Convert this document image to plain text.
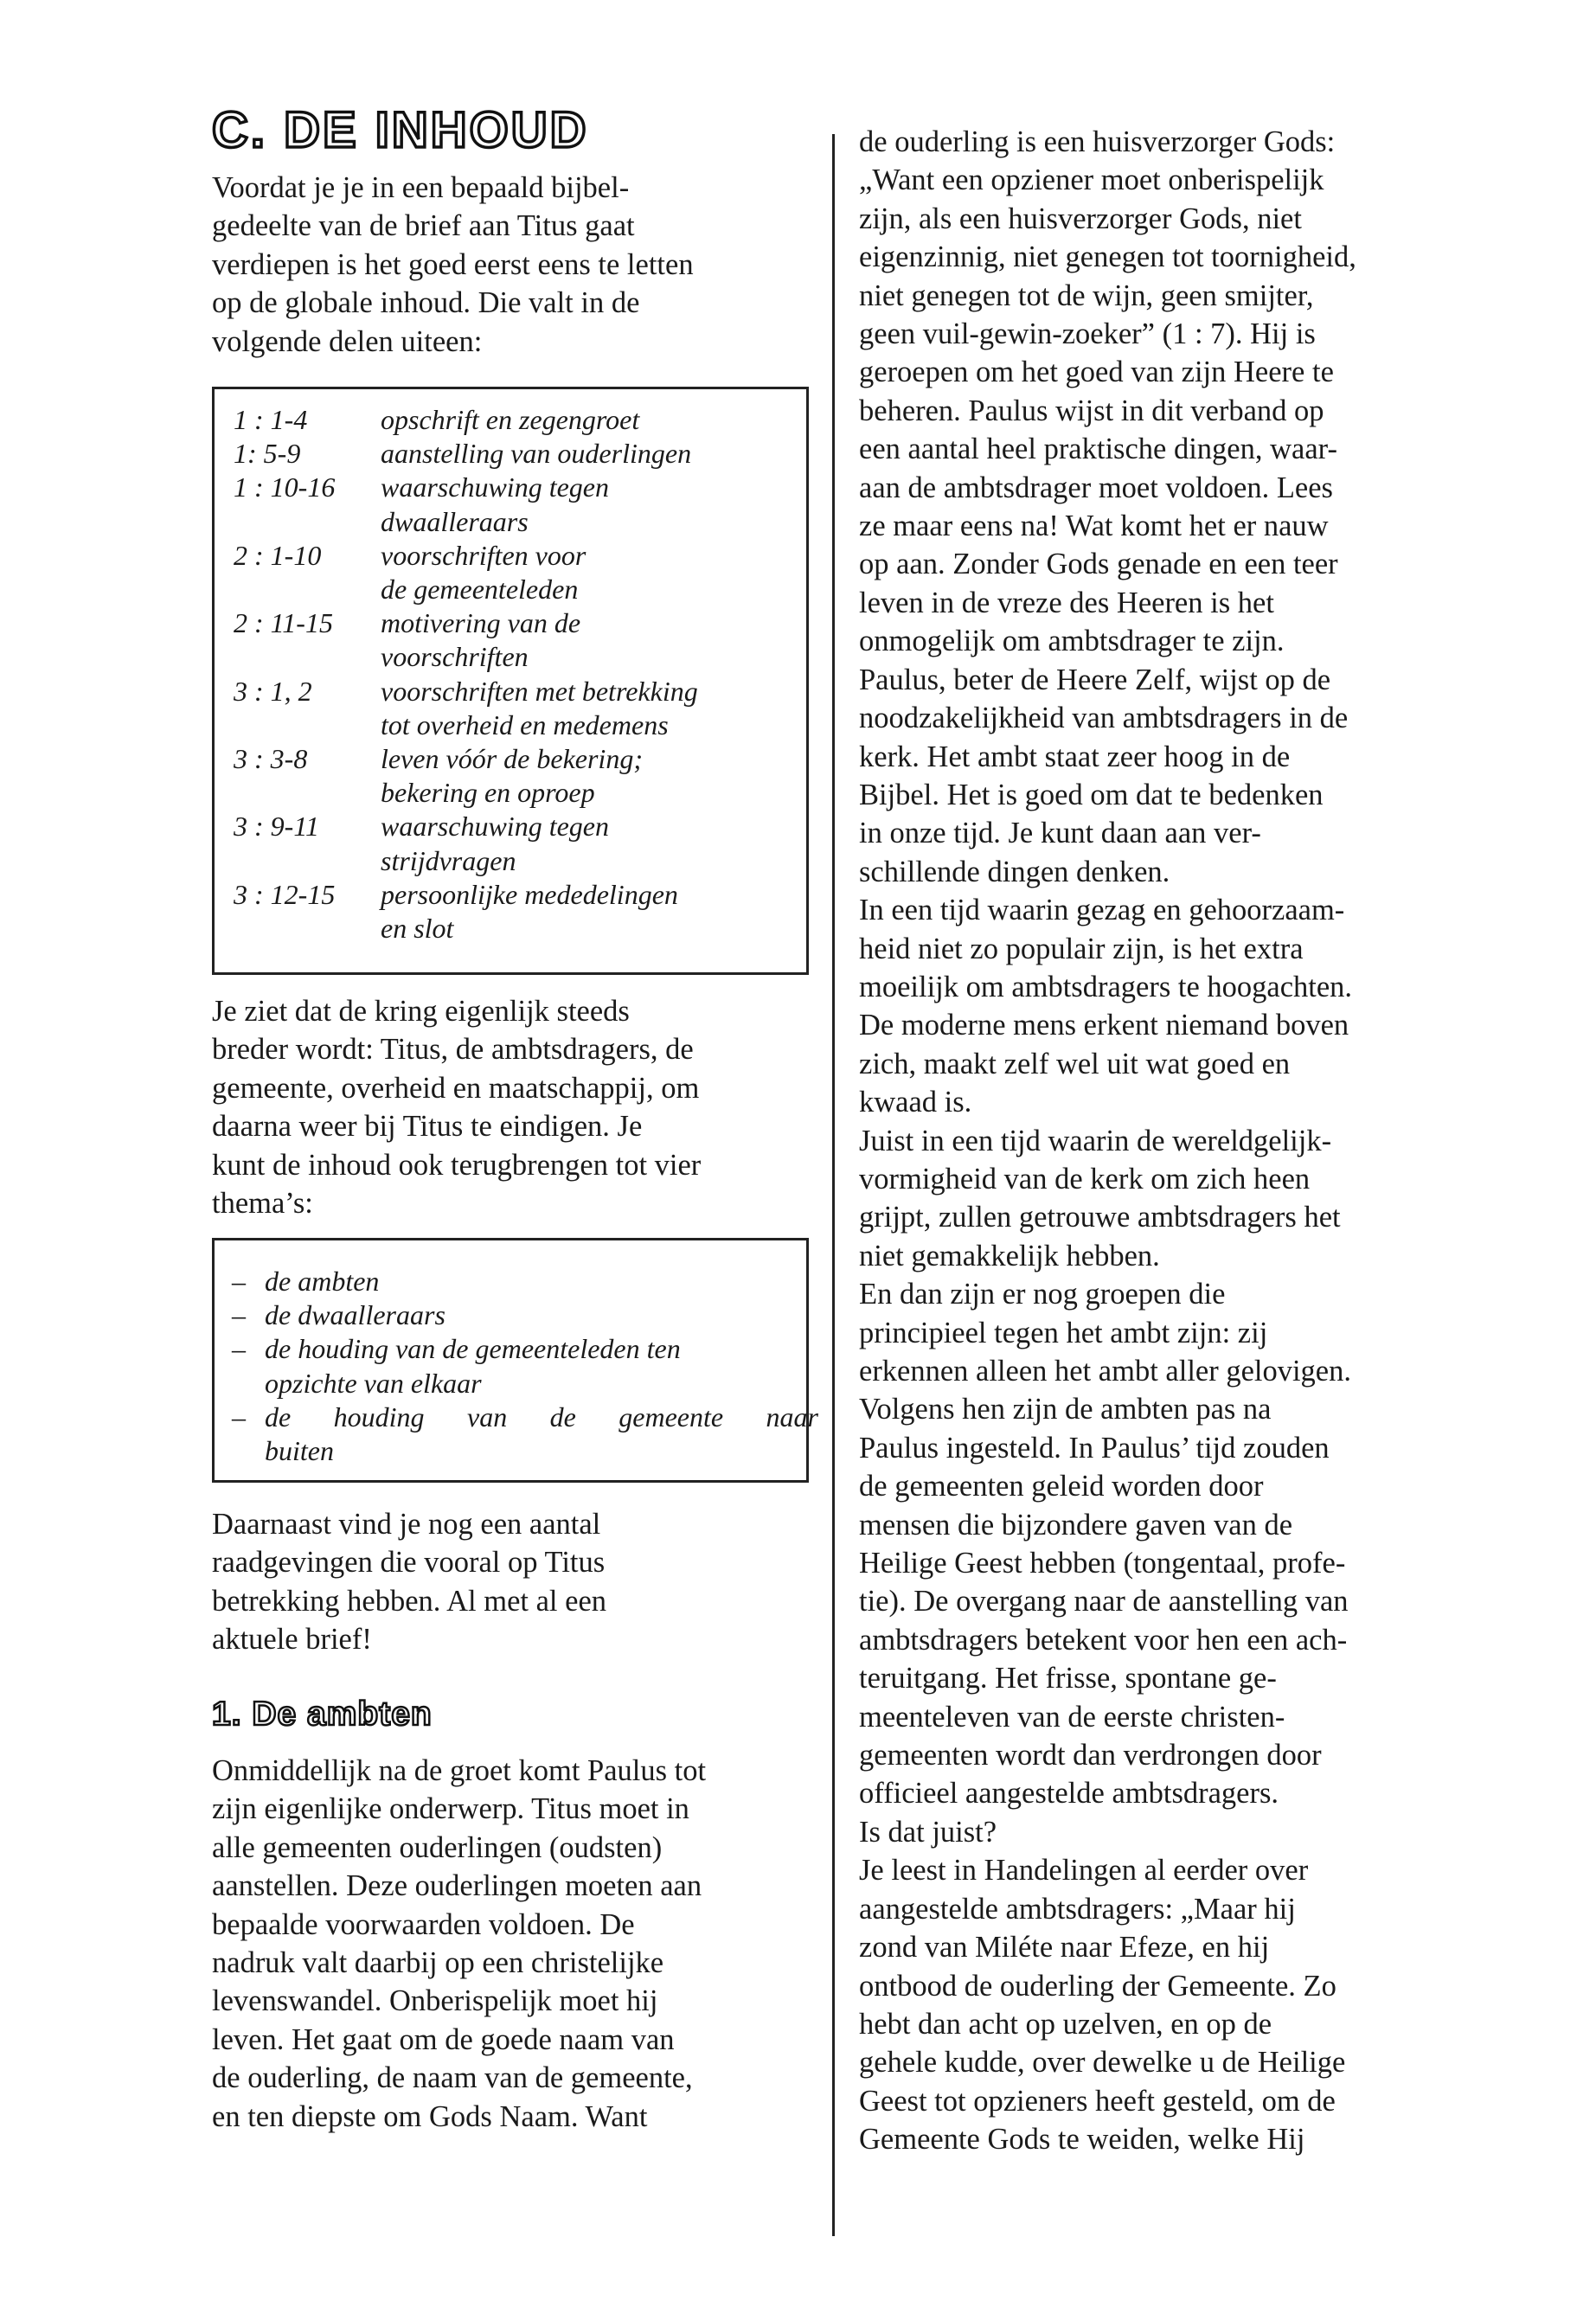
C. DE INHOUD
Voordat je je in een bepaald bijbel-
gedeelte van de brief aan Titus gaat
verdiepen is het goed eerst eens te letten
op de globale inhoud. Die valt in de
volgende delen uiteen:
1 : 1-4	opschrift en zegengroet
1: 5-9	aanstelling van ouderlingen
1 : 10-16	waarschuwing tegen
dwaalleraars
2 : 1-10	voorschriften voor
de gemeenteleden
2 : 11-15	motivering van de
voorschriften
3 : 1, 2	voorschriften met betrekking
tot overheid en medemens
3 : 3-8	leven vóór de bekering;
bekering en oproep
3 : 9-11	waarschuwing tegen
strijdvragen
3 : 12-15	persoonlijke mededelingen
en slot
Je ziet dat de kring eigenlijk steeds
breder wordt: Titus, de ambtsdragers, de
gemeente, overheid en maatschappij, om
daarna weer bij Titus te eindigen. Je
kunt de inhoud ook terugbrengen tot vier
thema’s:
– de ambten
– de dwaalleraars
– de houding van de gemeenteleden ten
opzichte van elkaar
– de houding van de gemeente naar
buiten
Daarnaast vind je nog een aantal
raadgevingen die vooral op Titus
betrekking hebben. Al met al een
aktuele brief!
1. De ambten
Onmiddellijk na de groet komt Paulus tot
zijn eigenlijke onderwerp. Titus moet in
alle gemeenten ouderlingen (oudsten)
aanstellen. Deze ouderlingen moeten aan
bepaalde voorwaarden voldoen. De
nadruk valt daarbij op een christelijke
levenswandel. Onberispelijk moet hij
leven. Het gaat om de goede naam van
de ouderling, de naam van de gemeente,
en ten diepste om Gods Naam. Want
de ouderling is een huisverzorger Gods:
„Want een opziener moet onberispelijk
zijn, als een huisverzorger Gods, niet
eigenzinnig, niet genegen tot toornigheid,
niet genegen tot de wijn, geen smijter,
geen vuil-gewin-zoeker” (1 : 7). Hij is
geroepen om het goed van zijn Heere te
beheren. Paulus wijst in dit verband op
een aantal heel praktische dingen, waar-
aan de ambtsdrager moet voldoen. Lees
ze maar eens na! Wat komt het er nauw
op aan. Zonder Gods genade en een teer
leven in de vreze des Heeren is het
onmogelijk om ambtsdrager te zijn.
Paulus, beter de Heere Zelf, wijst op de
noodzakelijkheid van ambtsdragers in de
kerk. Het ambt staat zeer hoog in de
Bijbel. Het is goed om dat te bedenken
in onze tijd. Je kunt daan aan ver-
schillende dingen denken.
In een tijd waarin gezag en gehoorzaam-
heid niet zo populair zijn, is het extra
moeilijk om ambtsdragers te hoogachten.
De moderne mens erkent niemand boven
zich, maakt zelf wel uit wat goed en
kwaad is.
Juist in een tijd waarin de wereldgelijk-
vormigheid van de kerk om zich heen
grijpt, zullen getrouwe ambtsdragers het
niet gemakkelijk hebben.
En dan zijn er nog groepen die
principieel tegen het ambt zijn: zij
erkennen alleen het ambt aller gelovigen.
Volgens hen zijn de ambten pas na
Paulus ingesteld. In Paulus’ tijd zouden
de gemeenten geleid worden door
mensen die bijzondere gaven van de
Heilige Geest hebben (tongentaal, profe-
tie). De overgang naar de aanstelling van
ambtsdragers betekent voor hen een ach-
teruitgang. Het frisse, spontane ge-
meenteleven van de eerste christen-
gemeenten wordt dan verdrongen door
officieel aangestelde ambtsdragers.
Is dat juist?
Je leest in Handelingen al eerder over
aangestelde ambtsdragers: „Maar hij
zond van Miléte naar Efeze, en hij
ontbood de ouderling der Gemeente. Zo
hebt dan acht op uzelven, en op de
gehele kudde, over dewelke u de Heilige
Geest tot opzieners heeft gesteld, om de
Gemeente Gods te weiden, welke Hij
